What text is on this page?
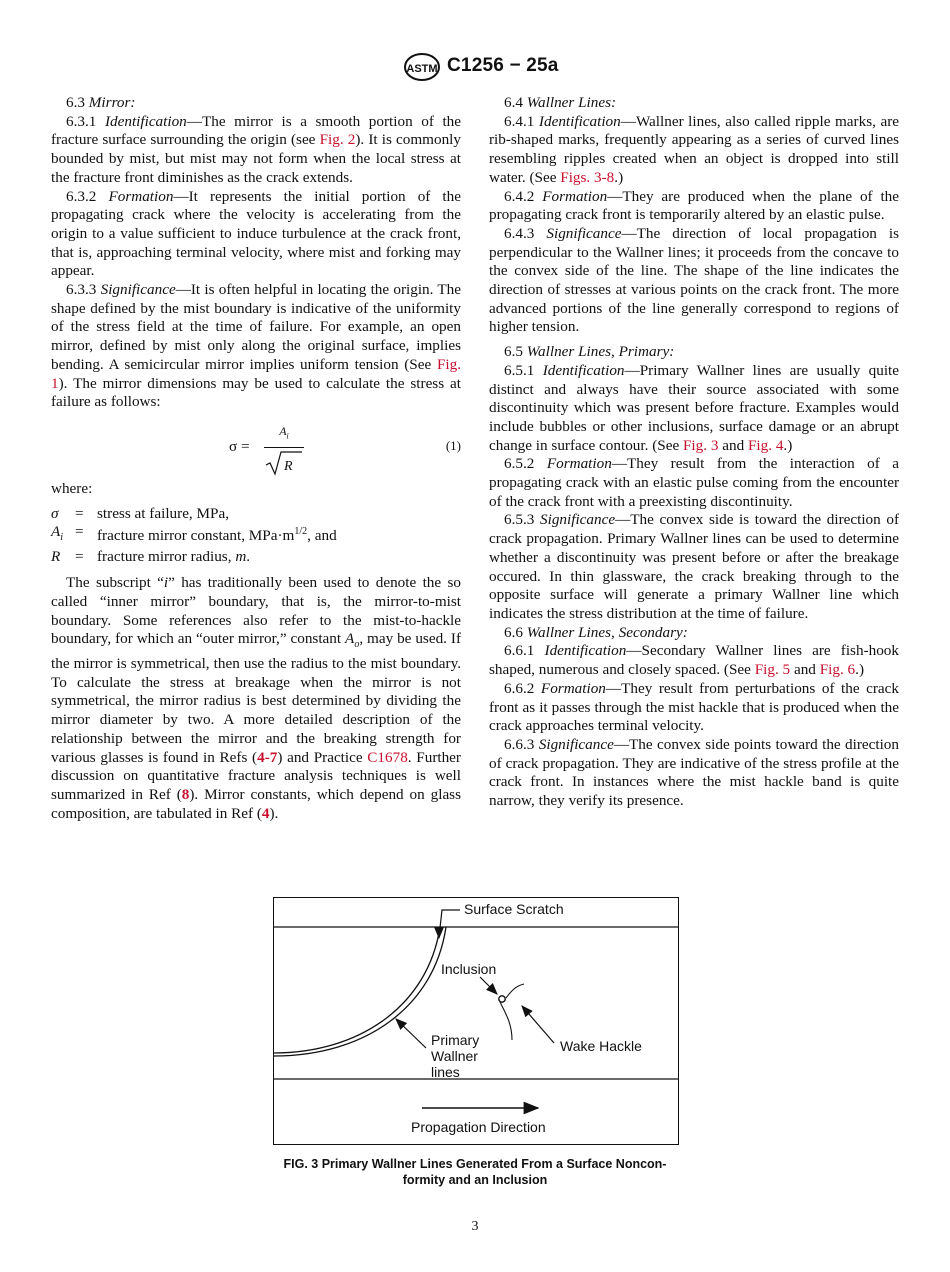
ASTM C1256 − 25a

6.3 Mirror:

6.3.1 Identification—The mirror is a smooth portion of the fracture surface surrounding the origin (see Fig. 2). It is commonly bounded by mist, but mist may not form when the local stress at the fracture front diminishes as the crack extends.

6.3.2 Formation—It represents the initial portion of the propagating crack where the velocity is accelerating from the origin to a value sufficient to induce turbulence at the crack front, that is, approaching terminal velocity, where mist and forking may appear.

6.3.3 Significance—It is often helpful in locating the origin. The shape defined by the mist boundary is indicative of the uniformity of the stress field at the time of failure. For example, an open mirror, defined by mist only along the original surface, implies bending. A semicircular mirror implies uniform tension (See Fig. 1). The mirror dimensions may be used to calculate the stress at failure as follows:

$\sigma = \frac{A_i}{R}$	(1)

where:

σ	= stress at failure, MPa,
$A_i$ = fracture mirror constant, $MPa\cdot m^{1/2}$, and
R = fracture mirror radius, m.

The subscript “i” has traditionally been used to denote the so called “inner mirror” boundary, that is, the mirror-to-mist boundary. Some references also refer to the mist-to-hackle boundary, for which an “outer mirror,” constant $A_o$, may be used. If the mirror is symmetrical, then use the radius to the mist boundary. To calculate the stress at breakage when the mirror is not symmetrical, the mirror radius is best determined by dividing the mirror diameter by two. A more detailed description of the relationship between the mirror and the breaking strength for various glasses is found in Refs (4-7) and Practice C1678. Further discussion on quantitative fracture analysis techniques is well summarized in Ref (8). Mirror constants, which depend on glass composition, are tabulated in Ref (4).

6.4 Wallner Lines:

6.4.1 Identification—Wallner lines, also called ripple marks, are rib-shaped marks, frequently appearing as a series of curved lines resembling ripples created when an object is dropped into still water. (See Figs. 3-8.)

6.4.2 Formation—They are produced when the plane of the propagating crack front is temporarily altered by an elastic pulse.

6.4.3 Significance—The direction of local propagation is perpendicular to the Wallner lines; it proceeds from the concave to the convex side of the line. The shape of the line indicates the direction of stresses at various points on the crack front. The more advanced portions of the line generally correspond to regions of higher tension.

6.5 Wallner Lines, Primary:

6.5.1 Identification—Primary Wallner lines are usually quite distinct and always have their source associated with some discontinuity which was present before fracture. Examples would include bubbles or other inclusions, surface damage or an abrupt change in surface contour. (See Fig. 3 and Fig. 4.)

6.5.2 Formation—They result from the interaction of a propagating crack with an elastic pulse coming from the encounter of the crack front with a preexisting discontinuity.

6.5.3 Significance—The convex side is toward the direction of crack propagation. Primary Wallner lines can be used to determine whether a discontinuity was present before or after the breakage occured. In thin glassware, the crack breaking through to the opposite surface will generate a primary Wallner line which indicates the stress distribution at the time of failure.

6.6 Wallner Lines, Secondary:

6.6.1 Identification—Secondary Wallner lines are fish-hook shaped, numerous and closely spaced. (See Fig. 5 and Fig. 6.)

6.6.2 Formation—They result from perturbations of the crack front as it passes through the mist hackle that is produced when the crack approaches terminal velocity.

6.6.3 Significance—The convex side points toward the direction of crack propagation. They are indicative of the stress profile at the crack front. In instances where the mist hackle band is quite narrow, they verify its presence.

Surface Scratch
Inclusion
Primary
Wallner
lines
Wake Hackle
Propagation Direction
FIG. 3 Primary Wallner Lines Generated From a Surface Noncon-
formity and an Inclusion
3
